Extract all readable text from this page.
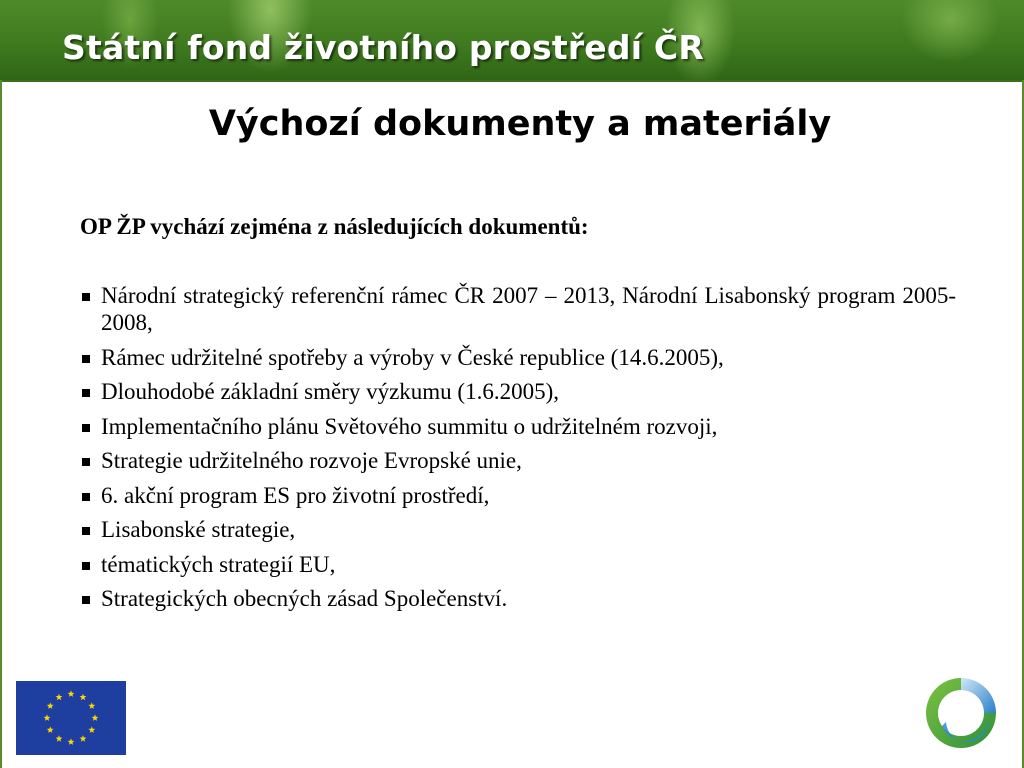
Státní fond životního prostředí ČR
Výchozí dokumenty a materiály
OP ŽP vychází zejména z následujících dokumentů:
Národní strategický referenční rámec ČR 2007 – 2013, Národní Lisabonský program 2005-2008,
Rámec udržitelné spotřeby a výroby v České republice (14.6.2005),
Dlouhodobé základní směry výzkumu (1.6.2005),
Implementačního plánu Světového summitu o udržitelném rozvoji,
Strategie udržitelného rozvoje Evropské unie,
6. akční program ES pro životní prostředí,
Lisabonské strategie,
tématických strategií EU,
Strategických obecných zásad Společenství.
